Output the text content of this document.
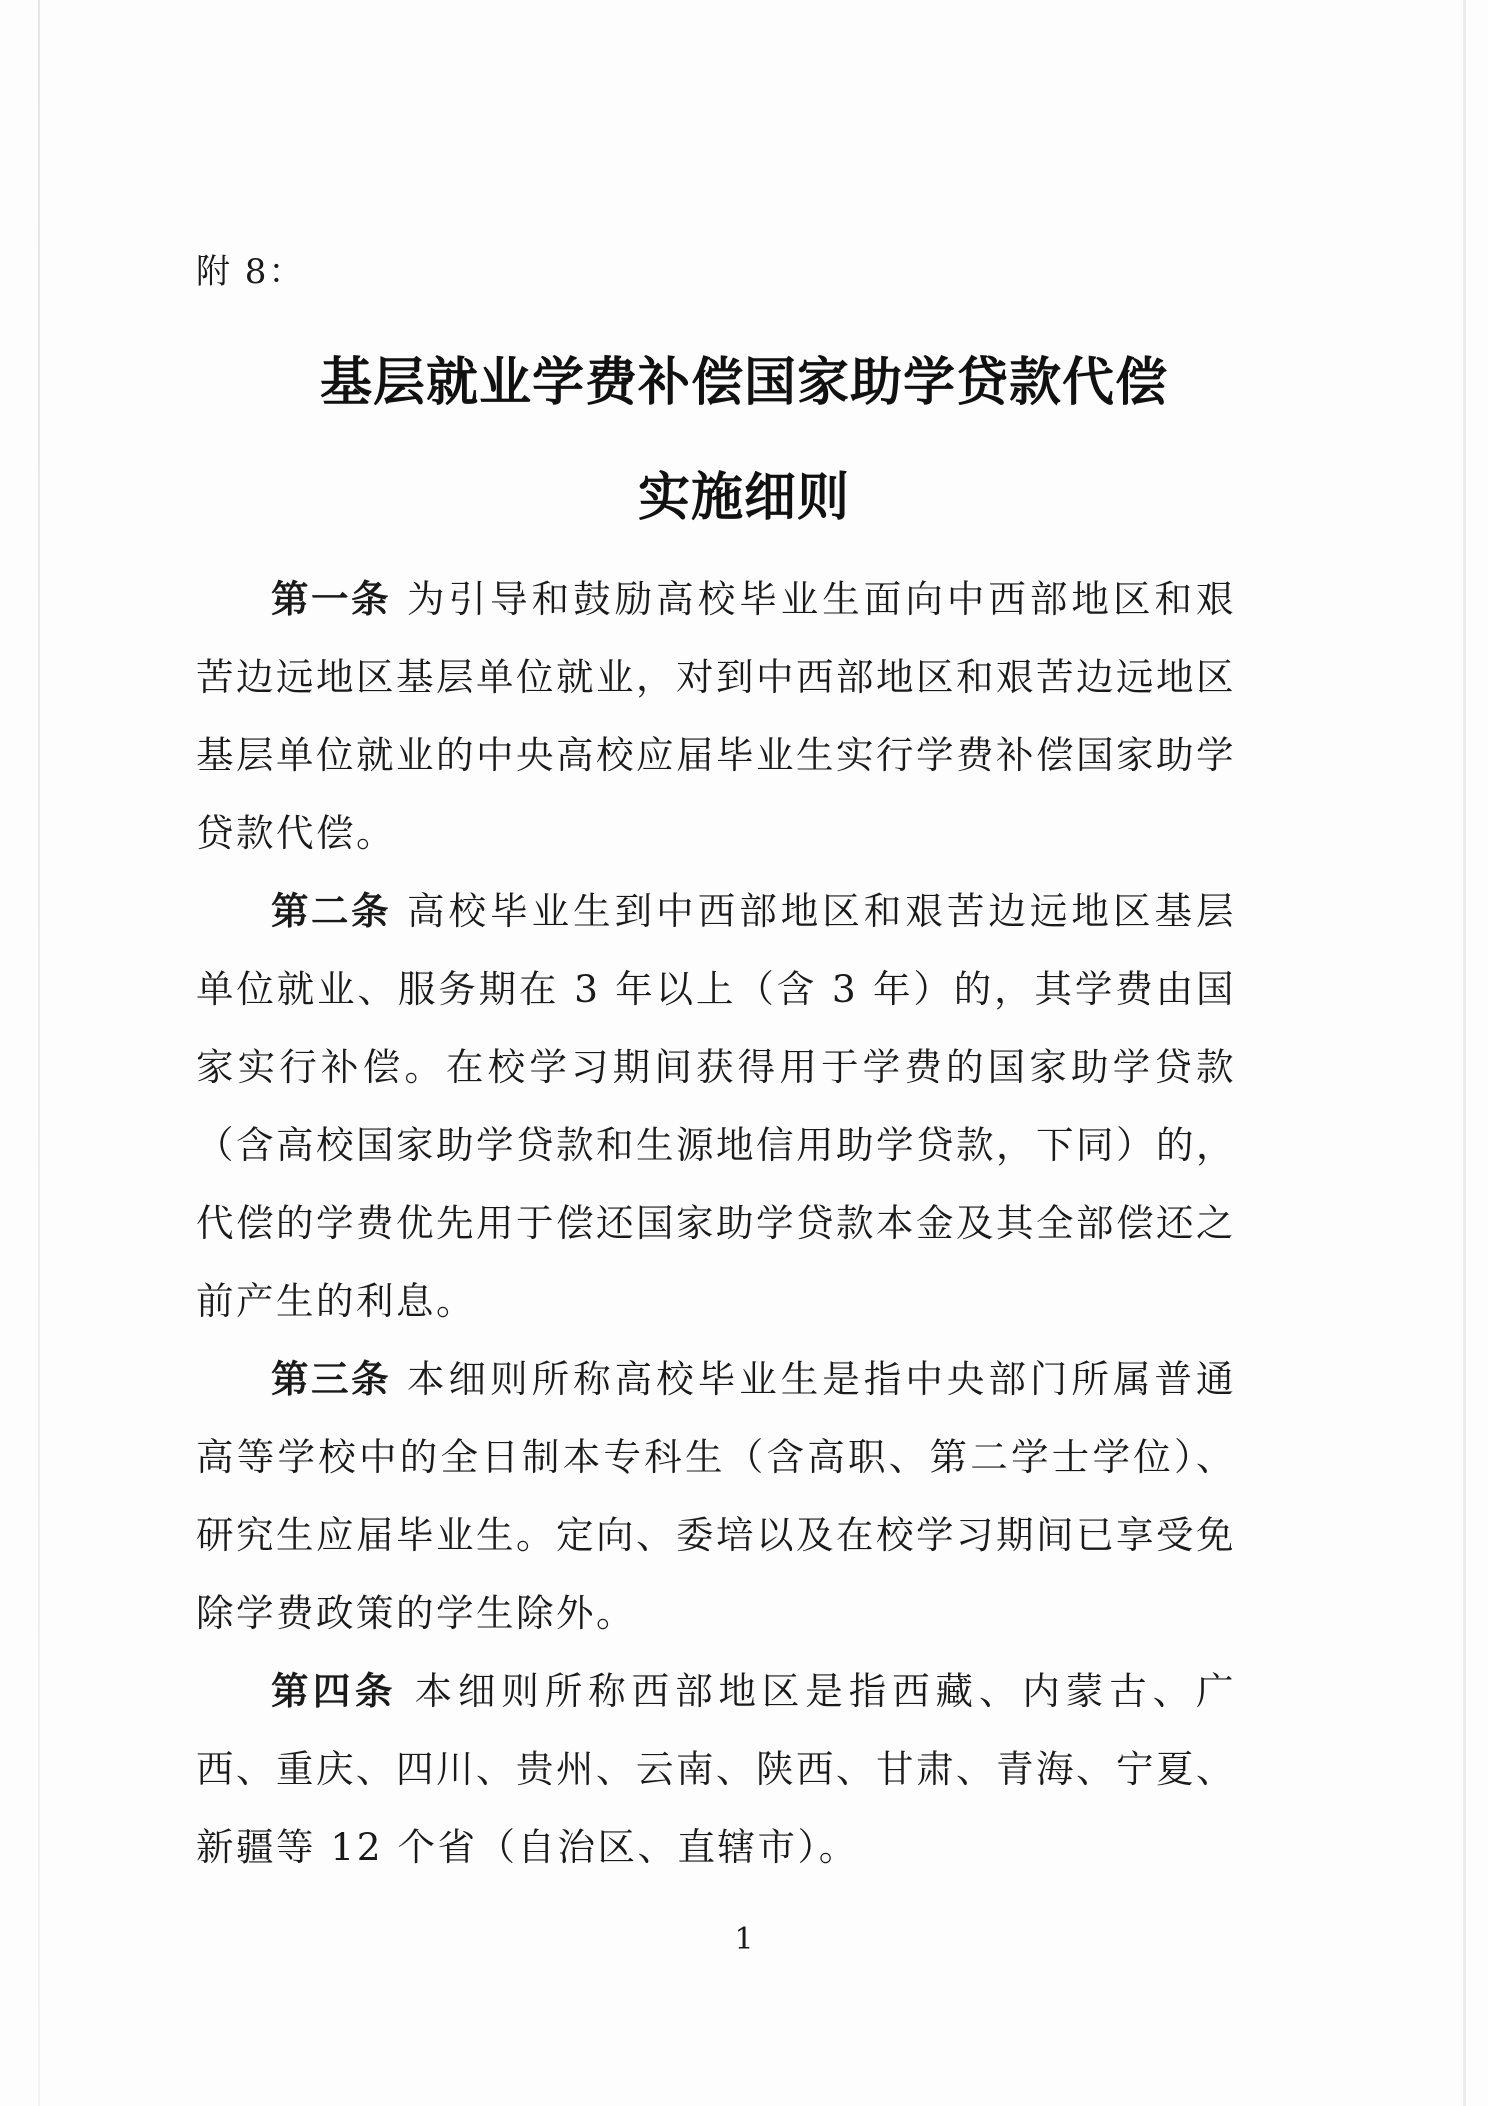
附 8：
基层就业学费补偿国家助学贷款代偿
实施细则

第一条 为引导和鼓励高校毕业生面向中西部地区和艰苦边远地区基层单位就业，对到中西部地区和艰苦边远地区基层单位就业的中央高校应届毕业生实行学费补偿国家助学贷款代偿。

第二条 高校毕业生到中西部地区和艰苦边远地区基层单位就业、服务期在 3 年以上（含 3 年）的，其学费由国家实行补偿。在校学习期间获得用于学费的国家助学贷款（含高校国家助学贷款和生源地信用助学贷款，下同）的，代偿的学费优先用于偿还国家助学贷款本金及其全部偿还之前产生的利息。

第三条 本细则所称高校毕业生是指中央部门所属普通高等学校中的全日制本专科生（含高职、第二学士学位）、研究生应届毕业生。定向、委培以及在校学习期间已享受免除学费政策的学生除外。

第四条 本细则所称西部地区是指西藏、内蒙古、广西、重庆、四川、贵州、云南、陕西、甘肃、青海、宁夏、新疆等 12 个省（自治区、直辖市）。

1
